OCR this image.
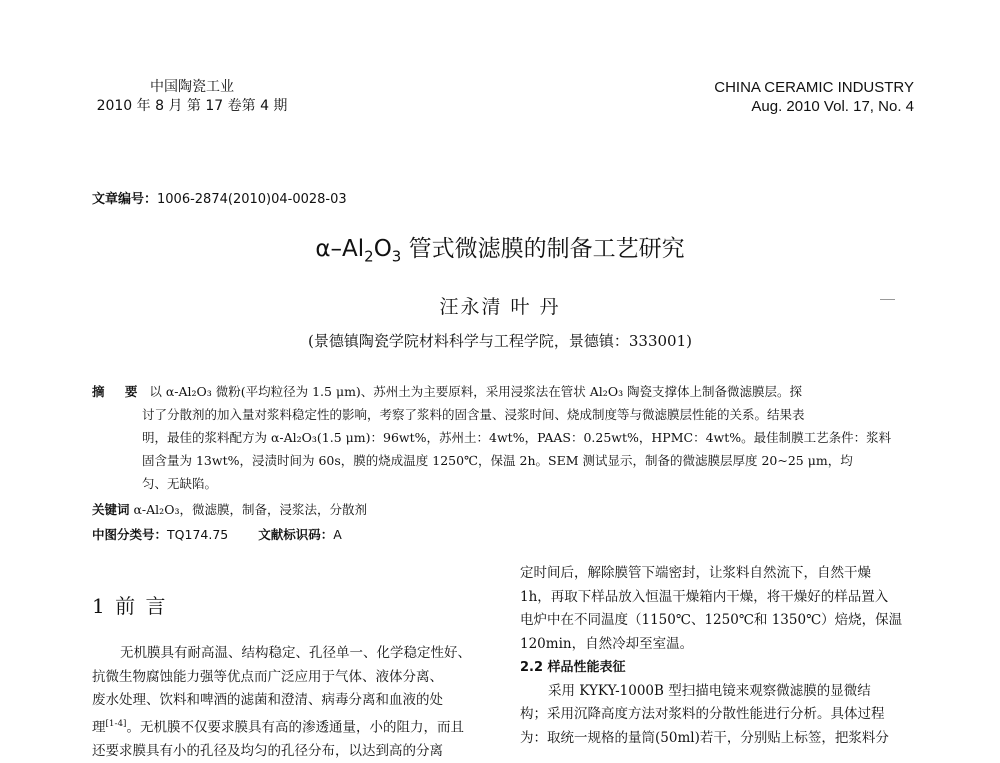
中国陶瓷工业
2010 年 8 月 第 17 卷第 4 期
CHINA CERAMIC INDUSTRY
Aug. 2010 Vol. 17, No. 4
文章编号：1006-2874(2010)04-0028-03
$\alpha-Al_2O_3$ 管式微滤膜的制备工艺研究
汪永清 叶 丹
(景德镇陶瓷学院材料科学与工程学院，景德镇：333001)
摘 要 以 α-Al₂O₃ 微粉(平均粒径为 1.5 μm)、苏州土为主要原料，采用浸浆法在管状 Al₂O₃ 陶瓷支撑体上制备微滤膜层。探
讨了分散剂的加入量对浆料稳定性的影响，考察了浆料的固含量、浸浆时间、烧成制度等与微滤膜层性能的关系。结果表
明，最佳的浆料配方为 α-Al₂O₃(1.5 μm)：96wt%，苏州土：4wt%，PAAS：0.25wt%，HPMC：4wt%。最佳制膜工艺条件：浆料
固含量为 13wt%，浸渍时间为 60s，膜的烧成温度 1250℃，保温 2h。SEM 测试显示，制备的微滤膜层厚度 20~25 μm，均
匀、无缺陷。
关键词 α-Al₂O₃，微滤膜，制备，浸浆法，分散剂
中图分类号：TQ174.75 文献标识码：A
1 前 言
无机膜具有耐高温、结构稳定、孔径单一、化学稳定性好、
抗微生物腐蚀能力强等优点而广泛应用于气体、液体分离、
废水处理、饮料和啤酒的滤菌和澄清、病毒分离和血液的处
理[1-4]。无机膜不仅要求膜具有高的渗透通量，小的阻力，而且
还要求膜具有小的孔径及均匀的孔径分布，以达到高的分离
定时间后，解除膜管下端密封，让浆料自然流下，自然干燥
1h，再取下样品放入恒温干燥箱内干燥，将干燥好的样品置入
电炉中在不同温度（1150℃、1250℃和 1350℃）焙烧，保温
120min，自然冷却至室温。
2.2 样品性能表征
采用 KYKY-1000B 型扫描电镜来观察微滤膜的显微结
构；采用沉降高度方法对浆料的分散性能进行分析。具体过程
为：取统一规格的量筒(50ml)若干，分别贴上标签，把浆料分
